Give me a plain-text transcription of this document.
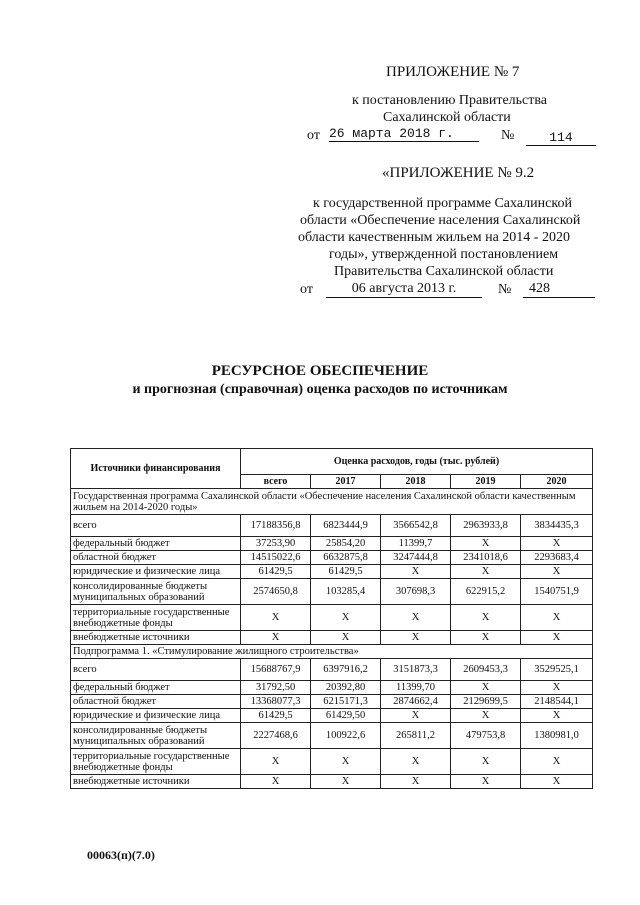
ПРИЛОЖЕНИЕ № 7
к постановлению Правительства
Сахалинской области
от 26 марта 2018 г.	№	114
«ПРИЛОЖЕНИЕ № 9.2
к государственной программе Сахалинской
области «Обеспечение населения Сахалинской
области качественным жильем на 2014 - 2020
годы», утвержденной постановлением
Правительства Сахалинской области
от	06 августа 2013 г.	№	428
РЕСУРСНОЕ ОБЕСПЕЧЕНИЕ
и прогнозная (справочная) оценка расходов по источникам
Источники финансирования	Оценка расходов, годы (тыс. рублей)				
	всего	2017	2018	2019	2020
Государственная программа Сахалинской области «Обеспечение населения Сахалинской области качественным жильем на 2014-2020 годы»					
всего	17188356,8	6823444,9	3566542,8	2963933,8	3834435,3
федеральный бюджет	37253,90	25854,20	11399,7	X	X
областной бюджет	14515022,6	6632875,8	3247444,8	2341018,6	2293683,4
юридические и физические лица	61429,5	61429,5	X	X	X
консолидированные бюджеты муниципальных образований	2574650,8	103285,4	307698,3	622915,2	1540751,9
территориальные государственные внебюджетные фонды	X	X	X	X	X
внебюджетные источники	X	X	X	X	X
Подпрограмма 1. «Стимулирование жилищного строительства»					
всего	15688767,9	6397916,2	3151873,3	2609453,3	3529525,1
федеральный бюджет	31792,50	20392,80	11399,70	X	X
областной бюджет	13368077,3	6215171,3	2874662,4	2129699,5	2148544,1
юридические и физические лица	61429,5	61429,50	X	X	X
консолидированные бюджеты муниципальных образований	2227468,6	100922,6	265811,2	479753,8	1380981,0
территориальные государственные внебюджетные фонды	X	X	X	X	X
внебюджетные источники	X	X	X	X	X
00063(п)(7.0)
